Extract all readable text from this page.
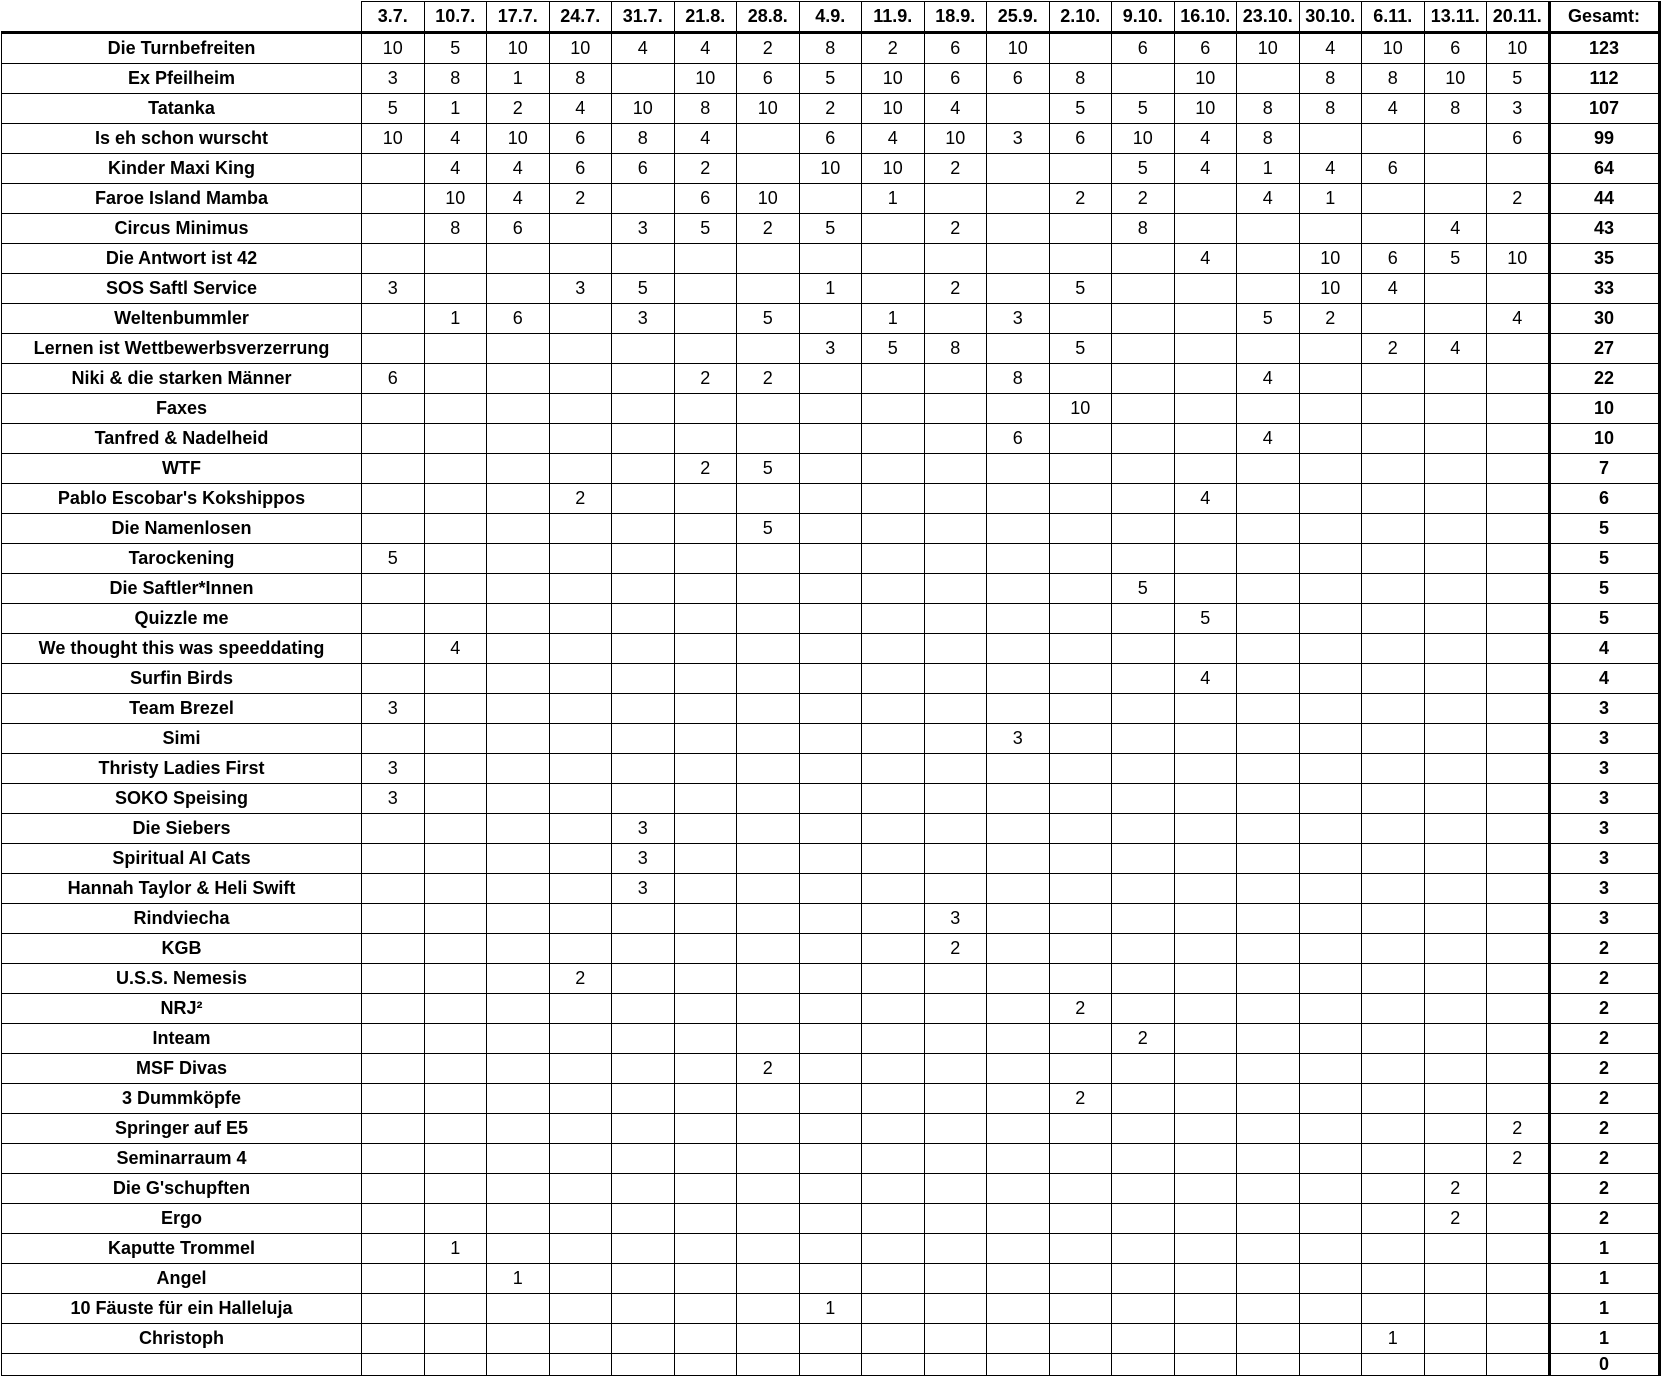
	3.7.	10.7.	17.7.	24.7.	31.7.	21.8.	28.8.	4.9.	11.9.	18.9.	25.9.	2.10.	9.10.	16.10.	23.10.	30.10.	6.11.	13.11.	20.11.	Gesamt:
Die Turnbefreiten	10	5	10	10	4	4	2	8	2	6	10		6	6	10	4	10	6	10	123
Ex Pfeilheim	3	8	1	8		10	6	5	10	6	6	8		10		8	8	10	5	112
Tatanka	5	1	2	4	10	8	10	2	10	4		5	5	10	8	8	4	8	3	107
Is eh schon wurscht	10	4	10	6	8	4		6	4	10	3	6	10	4	8				6	99
Kinder Maxi King		4	4	6	6	2		10	10	2			5	4	1	4	6			64
Faroe Island Mamba		10	4	2		6	10		1			2	2		4	1			2	44
Circus Minimus		8	6		3	5	2	5		2			8					4		43
Die Antwort ist 42														4		10	6	5	10	35
SOS Saftl Service	3			3	5			1		2		5				10	4			33
Weltenbummler		1	6		3		5		1		3				5	2			4	30
Lernen ist Wettbewerbsverzerrung								3	5	8		5					2	4		27
Niki & die starken Männer	6					2	2				8				4					22
Faxes												10								10
Tanfred & Nadelheid											6				4					10
WTF						2	5													7
Pablo Escobar's Kokshippos				2										4						6
Die Namenlosen							5													5
Tarockening	5																			5
Die Saftler*Innen													5							5
Quizzle me														5						5
We thought this was speeddating		4																		4
Surfin Birds														4						4
Team Brezel	3																			3
Simi											3									3
Thristy Ladies First	3																			3
SOKO Speising	3																			3
Die Siebers					3															3
Spiritual AI Cats					3															3
Hannah Taylor & Heli Swift					3															3
Rindviecha										3										3
KGB										2										2
U.S.S. Nemesis				2																2
NRJ²												2								2
Inteam													2							2
MSF Divas							2													2
3 Dummköpfe												2								2
Springer auf E5																			2	2
Seminarraum 4																			2	2
Die G'schupften																		2		2
Ergo																		2		2
Kaputte Trommel		1																		1
Angel			1																	1
10 Fäuste für ein Halleluja								1												1
Christoph																	1			1
																				0
